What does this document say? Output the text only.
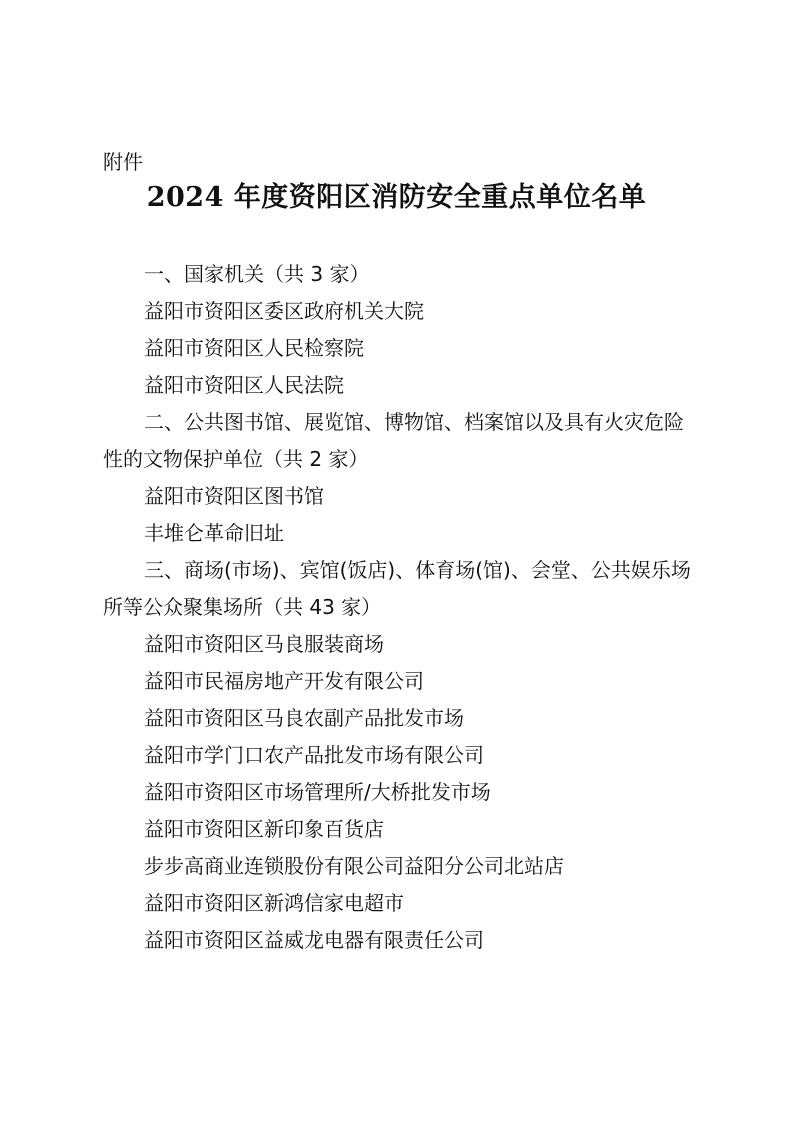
附件
2024 年度资阳区消防安全重点单位名单

一、国家机关（共 3 家）

益阳市资阳区委区政府机关大院

益阳市资阳区人民检察院

益阳市资阳区人民法院

二、公共图书馆、展览馆、博物馆、档案馆以及具有火灾危险性的文物保护单位（共 2 家）

益阳市资阳区图书馆

丰堆仑革命旧址

三、商场(市场)、宾馆(饭店)、体育场(馆)、会堂、公共娱乐场所等公众聚集场所（共 43 家）

益阳市资阳区马良服装商场

益阳市民福房地产开发有限公司

益阳市资阳区马良农副产品批发市场

益阳市学门口农产品批发市场有限公司

益阳市资阳区市场管理所/大桥批发市场

益阳市资阳区新印象百货店

步步高商业连锁股份有限公司益阳分公司北站店

益阳市资阳区新鸿信家电超市

益阳市资阳区益威龙电器有限责任公司
